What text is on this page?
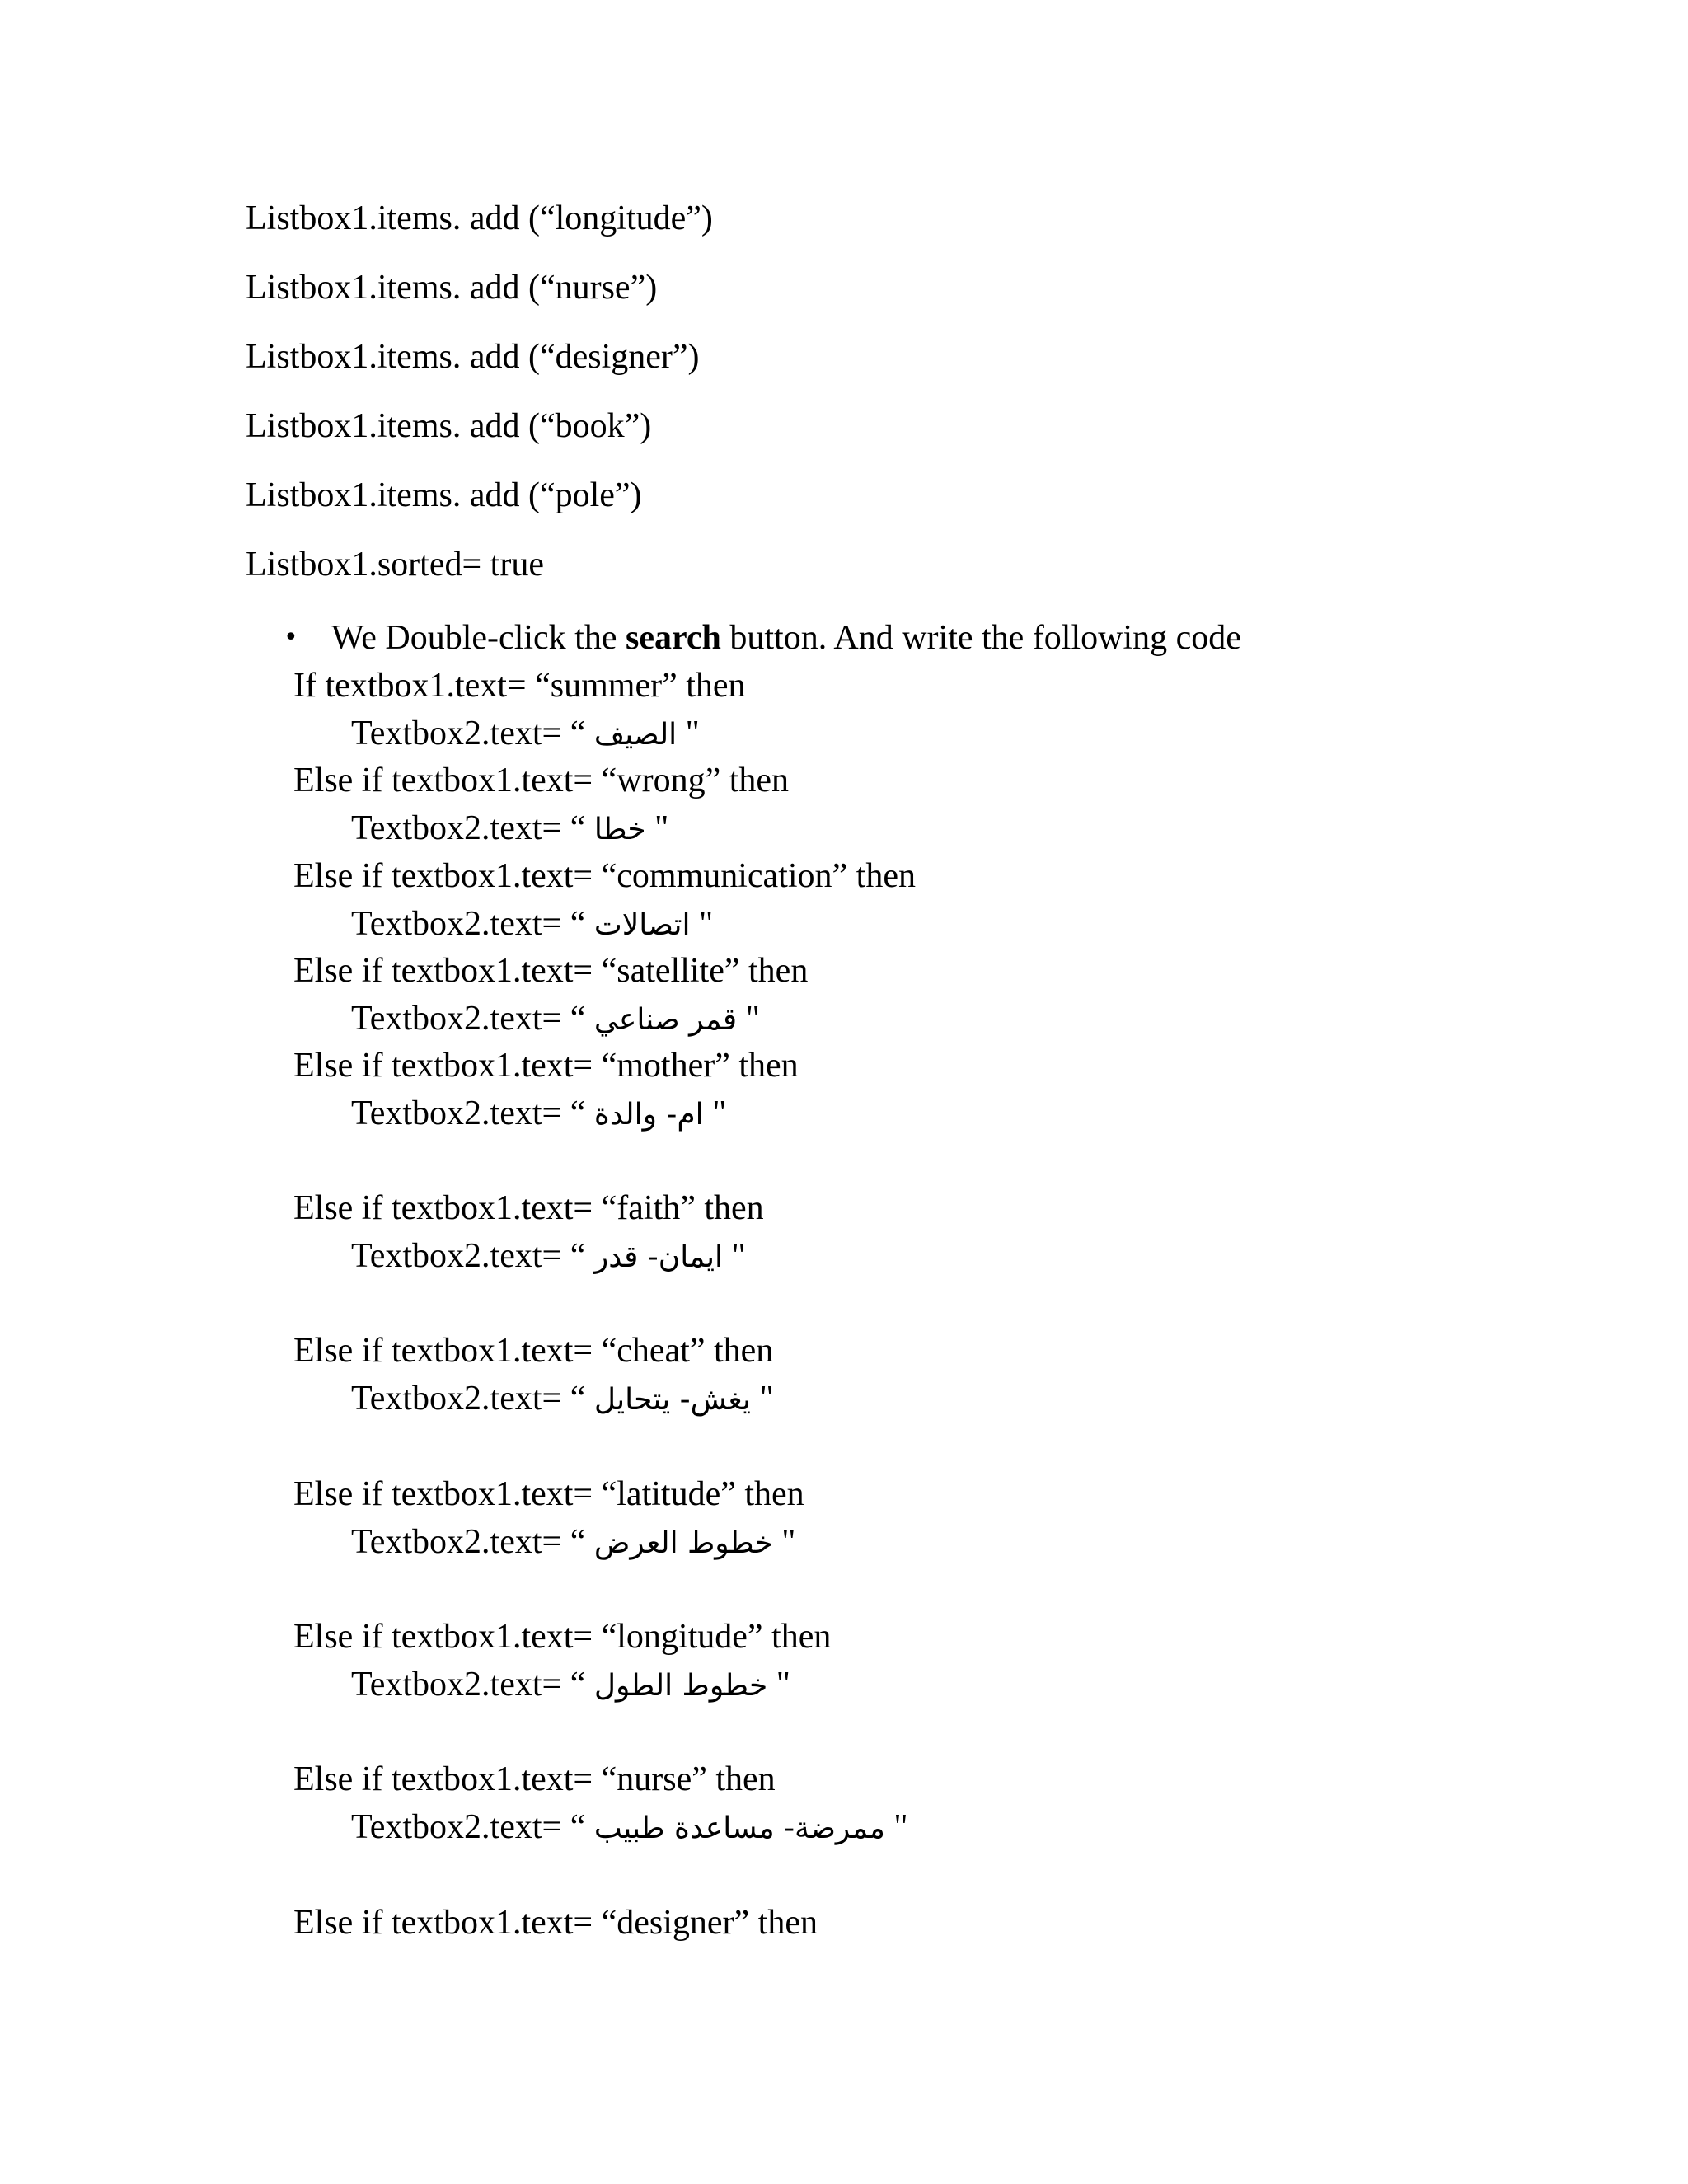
Listbox1.items. add (“longitude”)
Listbox1.items. add (“nurse”)
Listbox1.items. add (“designer”)
Listbox1.items. add (“book”)
Listbox1.items. add (“pole”)
Listbox1.sorted= true
• We Double-click the search button. And write the following code
If textbox1.text= “summer” then
Textbox2.text= “ الصيف "
Else if textbox1.text= “wrong” then
Textbox2.text= “ خطا "
Else if textbox1.text= “communication” then
Textbox2.text= “ اتصالات "
Else if textbox1.text= “satellite” then
Textbox2.text= “ قمر صناعي "
Else if textbox1.text= “mother” then
Textbox2.text= “ ام- والدة "
Else if textbox1.text= “faith” then
Textbox2.text= “ ايمان- قدر "
Else if textbox1.text= “cheat” then
Textbox2.text= “ يغش- يتحايل "
Else if textbox1.text= “latitude” then
Textbox2.text= “ خطوط العرض "
Else if textbox1.text= “longitude” then
Textbox2.text= “ خطوط الطول "
Else if textbox1.text= “nurse” then
Textbox2.text= “ ممرضة- مساعدة طبيب "
Else if textbox1.text= “designer” then
